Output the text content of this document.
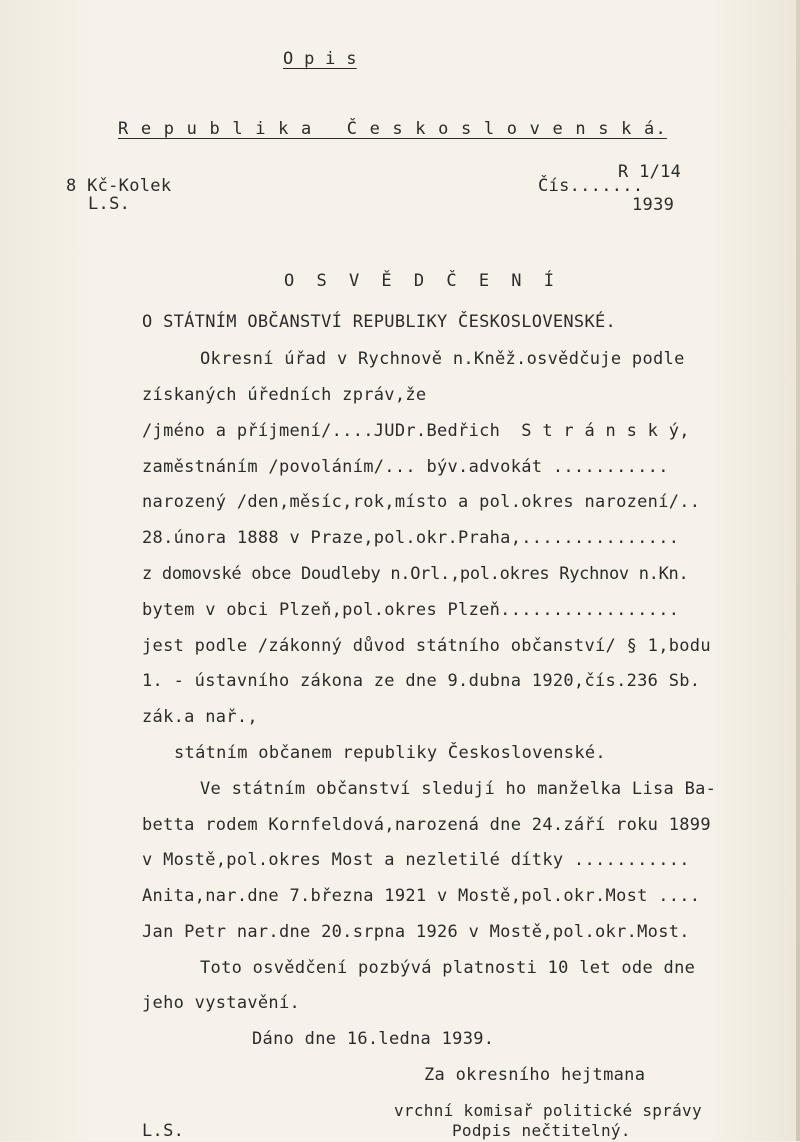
O p i s
R e p u b l i k a   Č e s k o s l o v e n s k á.
8 Kč-Kolek
L.S.
Čís.......
R 1/14
1939
O S V Ě D Č E N Í
O STÁTNÍM OBČANSTVÍ REPUBLIKY ČESKOSLOVENSKÉ.
Okresní úřad v Rychnově n.Kněž.osvědčuje podle
získaných úředních zpráv,že
/jméno a příjmení/....JUDr.Bedřich  S t r á n s k ý,
zaměstnáním /povoláním/... býv.advokát ...........
narozený /den,měsíc,rok,místo a pol.okres narození/..
28.února 1888 v Praze,pol.okr.Praha,...............
z domovské obce Doudleby n.Orl.,pol.okres Rychnov n.Kn.
bytem v obci Plzeň,pol.okres Plzeň.................
jest podle /zákonný důvod státního občanství/ § 1,bodu
1. - ústavního zákona ze dne 9.dubna 1920,čís.236 Sb.
zák.a nař.,
státním občanem republiky Československé.
Ve státním občanství sledují ho manželka Lisa Ba-
betta rodem Kornfeldová,narozená dne 24.září roku 1899
v Mostě,pol.okres Most a nezletilé dítky ...........
Anita,nar.dne 7.března 1921 v Mostě,pol.okr.Most ....
Jan Petr nar.dne 20.srpna 1926 v Mostě,pol.okr.Most.
Toto osvědčení pozbývá platnosti 10 let ode dne
jeho vystavění.
Dáno dne 16.ledna 1939.
Za okresního hejtmana
vrchní komisař politické správy
Podpis nečtitelný.
L.S.
